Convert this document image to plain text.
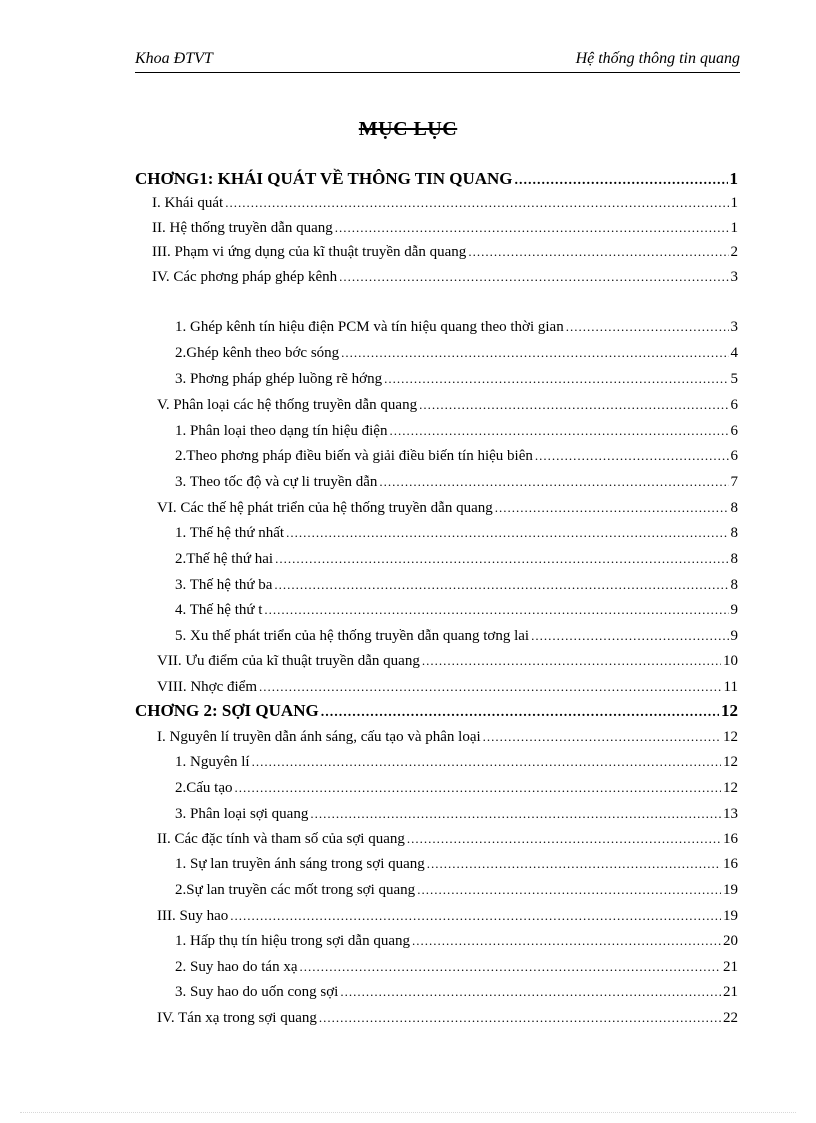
Khoa ĐTVT	Hệ thống thông tin quang
MỤC LỤC
CHƠNG1: KHÁI QUÁT VỀ THÔNG TIN QUANG .....	1
I. Khái quát .....	1
II. Hệ thống truyền dẫn quang .....	1
III. Phạm vi ứng dụng của kĩ thuật truyền dẫn quang .....	2
IV. Các phơng pháp ghép kênh .....	3
1. Ghép kênh tín hiệu điện PCM và tín hiệu quang theo thời gian .....	3
2.Ghép kênh theo bớc sóng .....	4
3. Phơng pháp ghép luồng rẽ hớng .....	5
V. Phân loại các hệ thống truyền dẫn quang .....	6
1. Phân loại theo dạng tín hiệu điện .....	6
2.Theo phơng pháp điều biến và giải điều biến tín hiệu biên .....	6
3. Theo tốc độ và cự li truyền dẫn .....	7
VI. Các thế hệ phát triển của hệ thống truyền dẫn quang .....	8
1. Thế hệ thứ nhất .....	8
2.Thế hệ thứ hai .....	8
3. Thế hệ thứ ba .....	8
4. Thế hệ thứ t .....	9
5. Xu thế phát triển của hệ thống truyền dẫn quang tơng lai .....	9
VII. Ưu điểm của kĩ thuật truyền dẫn quang .....	10
VIII. Nhợc điểm .....	11
CHƠNG 2: SỢI QUANG .....	12
I. Nguyên lí truyền dẫn ánh sáng, cấu tạo và phân loại .....	12
1. Nguyên lí .....	12
2.Cấu tạo .....	12
3. Phân loại sợi quang .....	13
II. Các đặc tính và tham số của sợi quang .....	16
1. Sự lan truyền ánh sáng trong sợi quang .....	16
2.Sự lan truyền các mốt trong sợi quang .....	19
III. Suy hao .....	19
1. Hấp thụ tín hiệu trong sợi dẫn quang .....	20
2. Suy hao do tán xạ .....	21
3. Suy hao do uốn cong sợi .....	21
IV. Tán xạ trong sợi quang .....	22
